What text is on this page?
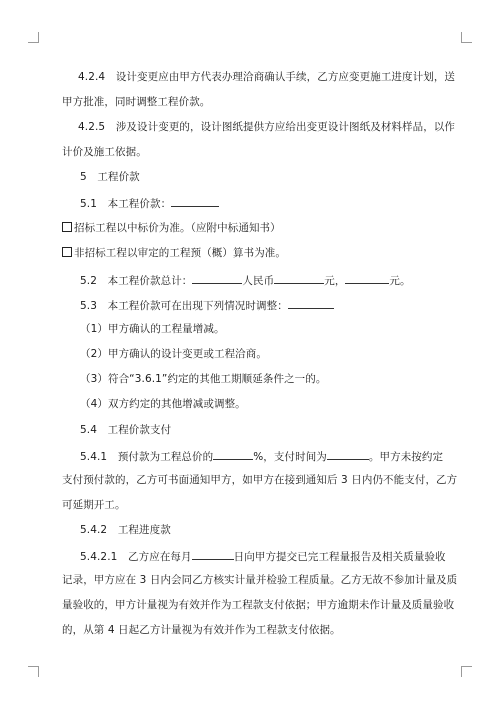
4.2.4　设计变更应由甲方代表办理洽商确认手续，乙方应变更施工进度计划，送
甲方批准，同时调整工程价款。
4.2.5　涉及设计变更的，设计图纸提供方应给出变更设计图纸及材料样品，以作
计价及施工依据。
5　工程价款
5.1　本工程价款：
招标工程以中标价为准。（应附中标通知书）
非招标工程以审定的工程预（概）算书为准。
5.2　本工程价款总计：	人民币	元，	元。
5.3　本工程价款可在出现下列情况时调整：
（1）甲方确认的工程量增减。
（2）甲方确认的设计变更或工程洽商。
（3）符合“3.6.1”约定的其他工期顺延条件之一的。
（4）双方约定的其他增减或调整。
5.4　工程价款支付
5.4.1　预付款为工程总价的	%，支付时间为	。甲方未按约定
支付预付款的，乙方可书面通知甲方，如甲方在接到通知后 3 日内仍不能支付，乙方
可延期开工。
5.4.2　工程进度款
5.4.2.1　乙方应在每月	日向甲方提交已完工程量报告及相关质量验收
记录，甲方应在 3 日内会同乙方核实计量并检验工程质量。乙方无故不参加计量及质
量验收的，甲方计量视为有效并作为工程款支付依据；甲方逾期未作计量及质量验收
的，从第 4 日起乙方计量视为有效并作为工程款支付依据。
